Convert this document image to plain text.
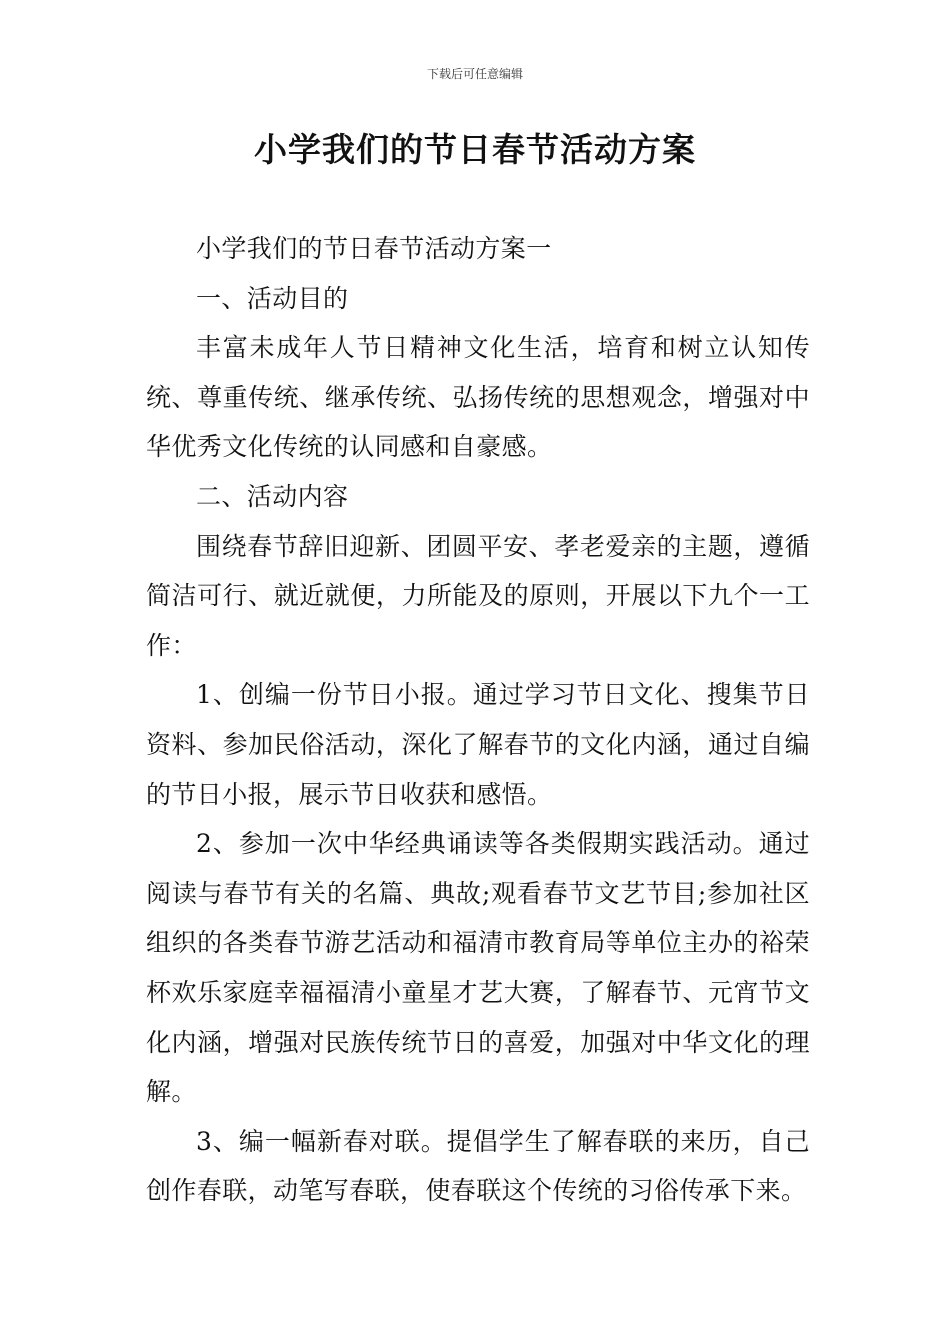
下载后可任意编辑
小学我们的节日春节活动方案

小学我们的节日春节活动方案一

一、活动目的

丰富未成年人节日精神文化生活，培育和树立认知传统、尊重传统、继承传统、弘扬传统的思想观念，增强对中华优秀文化传统的认同感和自豪感。

二、活动内容

围绕春节辞旧迎新、团圆平安、孝老爱亲的主题，遵循简洁可行、就近就便，力所能及的原则，开展以下九个一工作：

1、创编一份节日小报。通过学习节日文化、搜集节日资料、参加民俗活动，深化了解春节的文化内涵，通过自编的节日小报，展示节日收获和感悟。

2、参加一次中华经典诵读等各类假期实践活动。通过阅读与春节有关的名篇、典故;观看春节文艺节目;参加社区组织的各类春节游艺活动和福清市教育局等单位主办的裕荣杯欢乐家庭幸福福清小童星才艺大赛，了解春节、元宵节文化内涵，增强对民族传统节日的喜爱，加强对中华文化的理解。

3、编一幅新春对联。提倡学生了解春联的来历，自己创作春联，动笔写春联，使春联这个传统的习俗传承下来。
